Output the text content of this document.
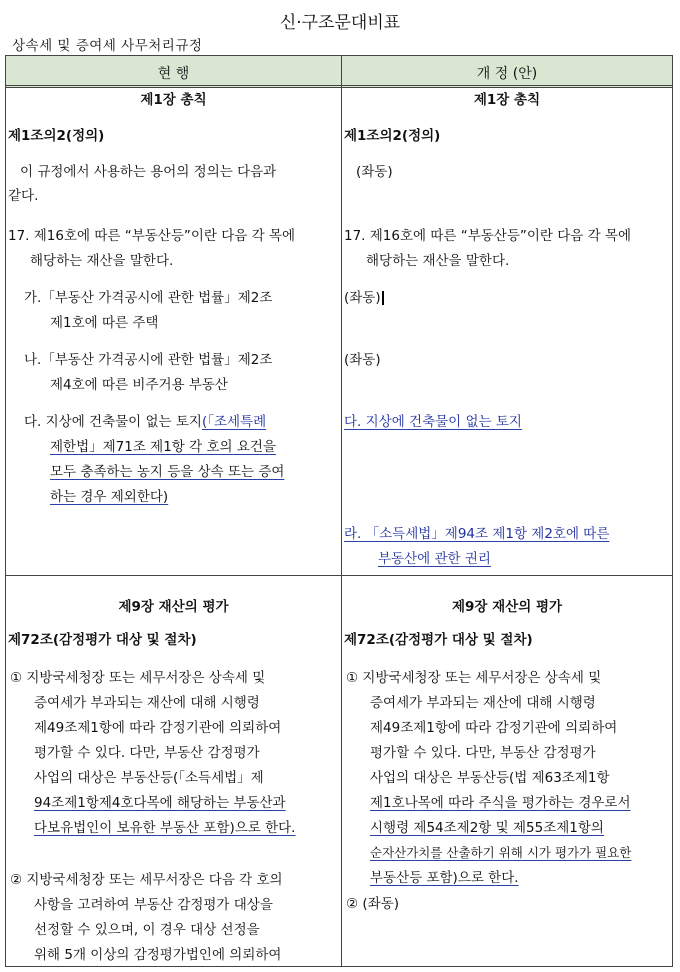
신·구조문대비표
상속세 및 증여세 사무처리규정
현 행	개 정 (안)
제1장 총칙
제1조의2(정의)
이 규정에서 사용하는 용어의 정의는 다음과
같다.
17. 제16호에 따른 “부동산등”이란 다음 각 목에
해당하는 재산을 말한다.
가.「부동산 가격공시에 관한 법률」제2조
제1호에 따른 주택
나.「부동산 가격공시에 관한 법률」제2조
제4호에 따른 비주거용 부동산
다. 지상에 건축물이 없는 토지(「조세특례
제한법」제71조 제1항 각 호의 요건을
모두 충족하는 농지 등을 상속 또는 증여
하는 경우 제외한다)
제9장 재산의 평가
제72조(감정평가 대상 및 절차)
① 지방국세청장 또는 세무서장은 상속세 및
증여세가 부과되는 재산에 대해 시행령
제49조제1항에 따라 감정기관에 의뢰하여
평가할 수 있다. 다만, 부동산 감정평가
사업의 대상은 부동산등(「소득세법」제
94조제1항제4호다목에 해당하는 부동산과
다보유법인이 보유한 부동산 포함)으로 한다.
② 지방국세청장 또는 세무서장은 다음 각 호의
사항을 고려하여 부동산 감정평가 대상을
선정할 수 있으며, 이 경우 대상 선정을
위해 5개 이상의 감정평가법인에 의뢰하여
제1장 총칙
제1조의2(정의)
(좌동)
17. 제16호에 따른 “부동산등”이란 다음 각 목에
해당하는 재산을 말한다.
(좌동)
(좌동)
다. 지상에 건축물이 없는 토지
라. 「소득세법」제94조 제1항 제2호에 따른
부동산에 관한 권리
제9장 재산의 평가
제72조(감정평가 대상 및 절차)
① 지방국세청장 또는 세무서장은 상속세 및
증여세가 부과되는 재산에 대해 시행령
제49조제1항에 따라 감정기관에 의뢰하여
평가할 수 있다. 다만, 부동산 감정평가
사업의 대상은 부동산등(법 제63조제1항
제1호나목에 따라 주식을 평가하는 경우로서
시행령 제54조제2항 및 제55조제1항의
순자산가치를 산출하기 위해 시가 평가가 필요한
부동산등 포함)으로 한다.
② (좌동)
